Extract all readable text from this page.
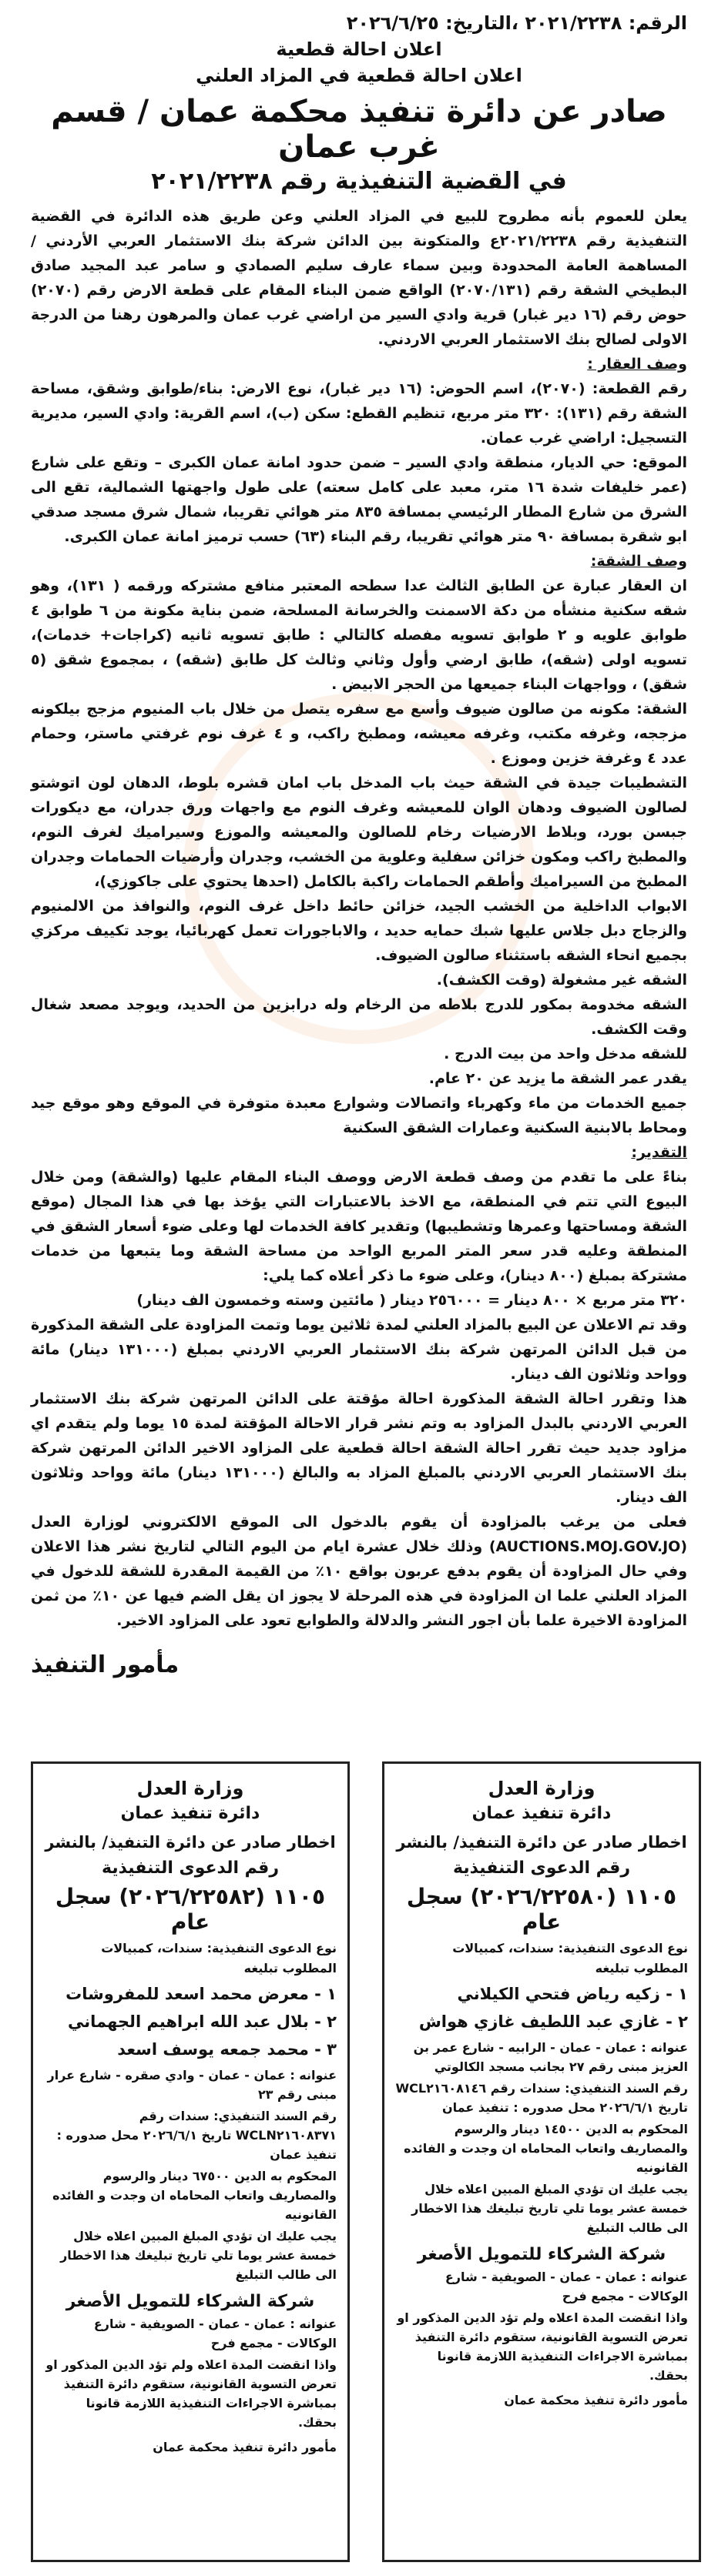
الرقم: ٢٠٢١/٢٢٣٨ ،التاريخ: ٢٠٢٦/٦/٢٥

اعلان احالة قطعية

اعلان احالة قطعية في المزاد العلني

صادر عن دائرة تنفيذ محكمة عمان / قسم غرب عمان
في القضية التنفيذية رقم ٢٠٢١/٢٢٣٨

يعلن للعموم بأنه مطروح للبيع في المزاد العلني وعن طريق هذه الدائرة في القضية التنفيذية رقم ٢٠٢١/٢٢٣٨ع والمتكونة بين الدائن شركة بنك الاستثمار العربي الأردني /المساهمة العامة المحدودة وبين سماء عارف سليم الصمادي و سامر عبد المجيد صادق البطيخي الشقة رقم (٢٠٧٠/١٣١) الواقع ضمن البناء المقام على قطعة الارض رقم (٢٠٧٠) حوض رقم (١٦ دير غبار) قرية وادي السير من اراضي غرب عمان والمرهون رهنا من الدرجة الاولى لصالح بنك الاستثمار العربي الاردني.

وصف العقار :

رقم القطعة: (٢٠٧٠)، اسم الحوض: (١٦ دير غبار)، نوع الارض: بناء/طوابق وشقق، مساحة الشقة رقم (١٣١): ٣٢٠ متر مربع، تنظيم القطع: سكن (ب)، اسم القرية: وادي السير، مديرية التسجيل: اراضي غرب عمان.

الموقع: حي الديار، منطقة وادي السير – ضمن حدود امانة عمان الكبرى – وتقع على شارع (عمر خليفات شدة ١٦ متر، معبد على كامل سعته) على طول واجهتها الشمالية، تقع الى الشرق من شارع المطار الرئيسي بمسافة ٨٣٥ متر هوائي تقريبا، شمال شرق مسجد صدقي ابو شقرة بمسافة ٩٠ متر هوائي تقريبا، رقم البناء (٦٣) حسب ترميز امانة عمان الكبرى.

وصف الشقة:

ان العقار عبارة عن الطابق الثالث عدا سطحه المعتبر منافع مشتركه ورقمه ( ١٣١)، وهو شقه سكنية منشأه من دكة الاسمنت والخرسانة المسلحة، ضمن بناية مكونة من ٦ طوابق ٤ طوابق علويه و ٢ طوابق تسويه مفصله كالتالي : طابق تسويه ثانيه (كراجات+ خدمات)، تسويه اولى (شقه)، طابق ارضي وأول وثاني وثالث كل طابق (شقه) ، بمجموع شقق (٥ شقق) ، وواجهات البناء جميعها من الحجر الابيض .

الشقة: مكونه من صالون ضيوف وأسع مع سفره يتصل من خلال باب المنيوم مزجج بيلكونه مزججه، وغرفه مكتب، وغرفه معيشه، ومطبخ راكب، و ٤ غرف نوم غرفتي ماستر، وحمام عدد ٤ وغرفة خزين وموزع .

التشطيبات جيدة في الشقة حيث باب المدخل باب امان قشره بلوط، الدهان لون اتوشتو لصالون الضيوف ودهان الوان للمعيشه وغرف النوم مع واجهات ورق جدران، مع ديكورات جبسن بورد، وبلاط الارضيات رخام للصالون والمعيشه والموزع وسيراميك لغرف النوم، والمطبخ راكب ومكون خزائن سفلية وعلوية من الخشب، وجدران وأرضيات الحمامات وجدران المطبخ من السيراميك وأطقم الحمامات راكبة بالكامل (احدها يحتوي على جاكوزي)،

الابواب الداخلية من الخشب الجيد، خزائن حائط داخل غرف النوم، والنوافذ من الالمنيوم والزجاج دبل جلاس عليها شبك حمايه حديد ، والاباجورات تعمل كهربائيا، يوجد تكييف مركزي بجميع انحاء الشقه باستثناء صالون الضيوف.

الشقه غير مشغولة (وقت الكشف).

الشقه مخدومة بمكور للدرج بلاطه من الرخام وله درابزين من الحديد، ويوجد مصعد شغال وقت الكشف.

للشقه مدخل واحد من بيت الدرج .

يقدر عمر الشقة ما يزيد عن ٢٠ عام.

جميع الخدمات من ماء وكهرباء واتصالات وشوارع معبدة متوفرة في الموقع وهو موقع جيد ومحاط بالابنية السكنية وعمارات الشقق السكنية

التقدير:

بناءً على ما تقدم من وصف قطعة الارض ووصف البناء المقام عليها (والشقة) ومن خلال البيوع التي تتم في المنطقة، مع الاخذ بالاعتبارات التي يؤخذ بها في هذا المجال (موقع الشقة ومساحتها وعمرها وتشطيبها) وتقدير كافة الخدمات لها وعلى ضوء أسعار الشقق في المنطقة وعليه قدر سعر المتر المربع الواحد من مساحة الشقة وما يتبعها من خدمات مشتركة بمبلغ (٨٠٠ دينار)، وعلى ضوء ما ذكر أعلاه كما يلي:

٣٢٠ متر مربع × ٨٠٠ دينار = ٢٥٦٠٠٠ دينار ( مائتين وسته وخمسون الف دينار)

وقد تم الاعلان عن البيع بالمزاد العلني لمدة ثلاثين يوما وتمت المزاودة على الشقة المذكورة من قبل الدائن المرتهن شركة بنك الاستثمار العربي الاردني بمبلغ (١٣١٠٠٠ دينار) مائة وواحد وثلاثون الف دينار.

هذا وتقرر احالة الشقة المذكورة احالة مؤقتة على الدائن المرتهن شركة بنك الاستثمار العربي الاردني بالبدل المزاود به وتم نشر قرار الاحالة المؤقتة لمدة ١٥ يوما ولم يتقدم اي مزاود جديد حيث تقرر احالة الشقة احالة قطعية على المزاود الاخير الدائن المرتهن شركة بنك الاستثمار العربي الاردني بالمبلغ المزاد به والبالغ (١٣١٠٠٠ دينار) مائة وواحد وثلاثون الف دينار.

فعلى من يرغب بالمزاودة أن يقوم بالدخول الى الموقع الالكتروني لوزارة العدل (AUCTIONS.MOJ.GOV.JO) وذلك خلال عشرة ايام من اليوم التالي لتاريخ نشر هذا الاعلان وفي حال المزاودة أن يقوم بدفع عربون بواقع ١٠٪ من القيمة المقدرة للشقة للدخول في المزاد العلني علما ان المزاودة في هذه المرحلة لا يجوز ان يقل الضم فيها عن ١٠٪ من ثمن المزاودة الاخيرة علما بأن اجور النشر والدلالة والطوابع تعود على المزاود الاخير.

مأمور التنفيذ

وزارة العدل

دائرة تنفيذ عمان

اخطار صادر عن دائرة التنفيذ/ بالنشر

رقم الدعوى التنفيذية

١١٠٥ (٢٠٢٦/٢٢٥٨٠) سجل عام

نوع الدعوى التنفيذية: سندات، كمبيالات

المطلوب تبليغه

١ - زكيه رياض فتحي الكيلاني

٢ - غازي عبد اللطيف غازي هواش

عنوانه : عمان - عمان - الرابيه - شارع عمر بن العزيز مبنى رقم ٢٧ بجانب مسجد الكالوتي

رقم السند التنفيذي: سندات رقم WCL٢١٦٠٨١٤٦ تاريخ ٢٠٢٦/٦/١ محل صدوره : تنفيذ عمان

المحكوم به الدين ١٤٥٠٠ دينار والرسوم والمصاريف واتعاب المحاماه ان وجدت و الفائده القانونيه

يجب عليك ان تؤدي المبلغ المبين اعلاه خلال خمسة عشر يوما تلي تاريخ تبليغك هذا الاخطار الى طالب التبليغ

شركة الشركاء للتمويل الأصغر

عنوانه : عمان - عمان - الصويفية - شارع الوكالات - مجمع فرح

واذا انقضت المدة اعلاه ولم تؤد الدين المذكور او تعرض التسوية القانونية، ستقوم دائرة التنفيذ بمباشرة الاجراءات التنفيذية اللازمة قانونا بحقك.

مأمور دائرة تنفيذ محكمة عمان

وزارة العدل

دائرة تنفيذ عمان

اخطار صادر عن دائرة التنفيذ/ بالنشر

رقم الدعوى التنفيذية

١١٠٥ (٢٠٢٦/٢٢٥٨٢) سجل عام

نوع الدعوى التنفيذية: سندات، كمبيالات

المطلوب تبليغه

١ - معرض محمد اسعد للمفروشات

٢ - بلال عبد الله ابراهيم الجهماني

٣ - محمد جمعه يوسف اسعد

عنوانه : عمان - عمان - وادي صقره - شارع عرار مبنى رقم ٢٣

رقم السند التنفيذي: سندات رقم WCLN٢١٦٠٨٣٧١ تاريخ ٢٠٢٦/٦/١ محل صدوره : تنفيذ عمان

المحكوم به الدين ٦٧٥٠٠ دينار والرسوم والمصاريف واتعاب المحاماه ان وجدت و الفائده القانونيه

يجب عليك ان تؤدي المبلغ المبين اعلاه خلال خمسة عشر يوما تلي تاريخ تبليغك هذا الاخطار الى طالب التبليغ

شركة الشركاء للتمويل الأصغر

عنوانه : عمان - عمان - الصويفية - شارع الوكالات - مجمع فرح

واذا انقضت المدة اعلاه ولم تؤد الدين المذكور او تعرض التسوية القانونية، ستقوم دائرة التنفيذ بمباشرة الاجراءات التنفيذية اللازمة قانونا بحقك.

مأمور دائرة تنفيذ محكمة عمان
